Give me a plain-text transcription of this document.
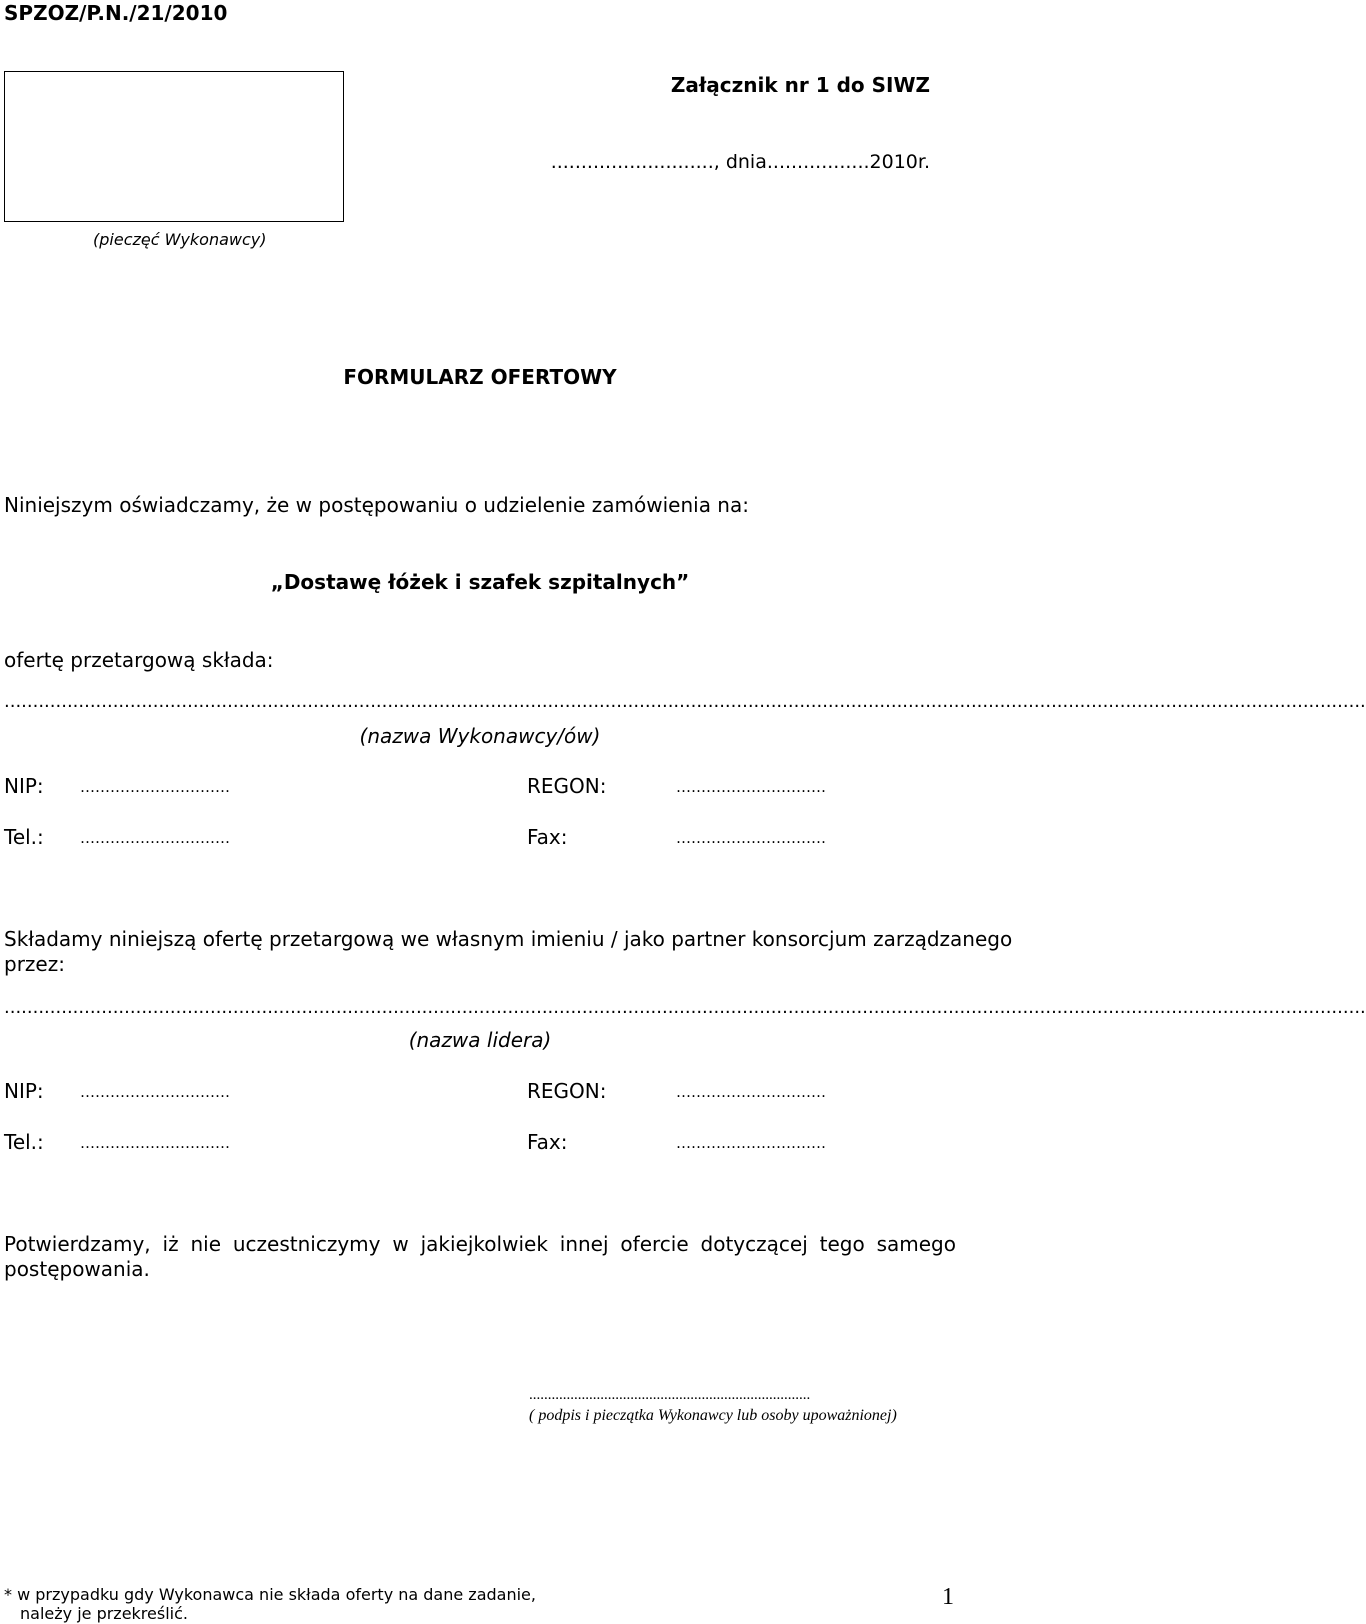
SPZOZ/P.N./21/2010
Załącznik nr 1 do SIWZ
..........................., dnia.................2010r.
(pieczęć Wykonawcy)
FORMULARZ OFERTOWY
Niniejszym oświadczamy, że w postępowaniu o udzielenie zamówienia na:
„Dostawę łóżek i szafek szpitalnych”
ofertę przetargową składa:
..............................................................................................................................................................................................................................................
(nazwa Wykonawcy/ów)
NIP: …………………………	REGON:	…………………………
Tel.: …………………………	Fax:	…………………………
Składamy niniejszą ofertę przetargową we własnym imieniu / jako partner konsorcjum zarządzanego
przez:
..............................................................................................................................................................................................................................................
(nazwa lidera)
NIP: …………………………	REGON:	…………………………
Tel.: …………………………	Fax:	…………………………
Potwierdzamy, iż nie uczestniczymy w jakiejkolwiek innej ofercie dotyczącej tego samego
postępowania.
...........................................................................
( podpis i pieczątka Wykonawcy lub osoby upoważnionej)
* w przypadku gdy Wykonawca nie składa oferty na dane zadanie,
należy je przekreślić.
1
